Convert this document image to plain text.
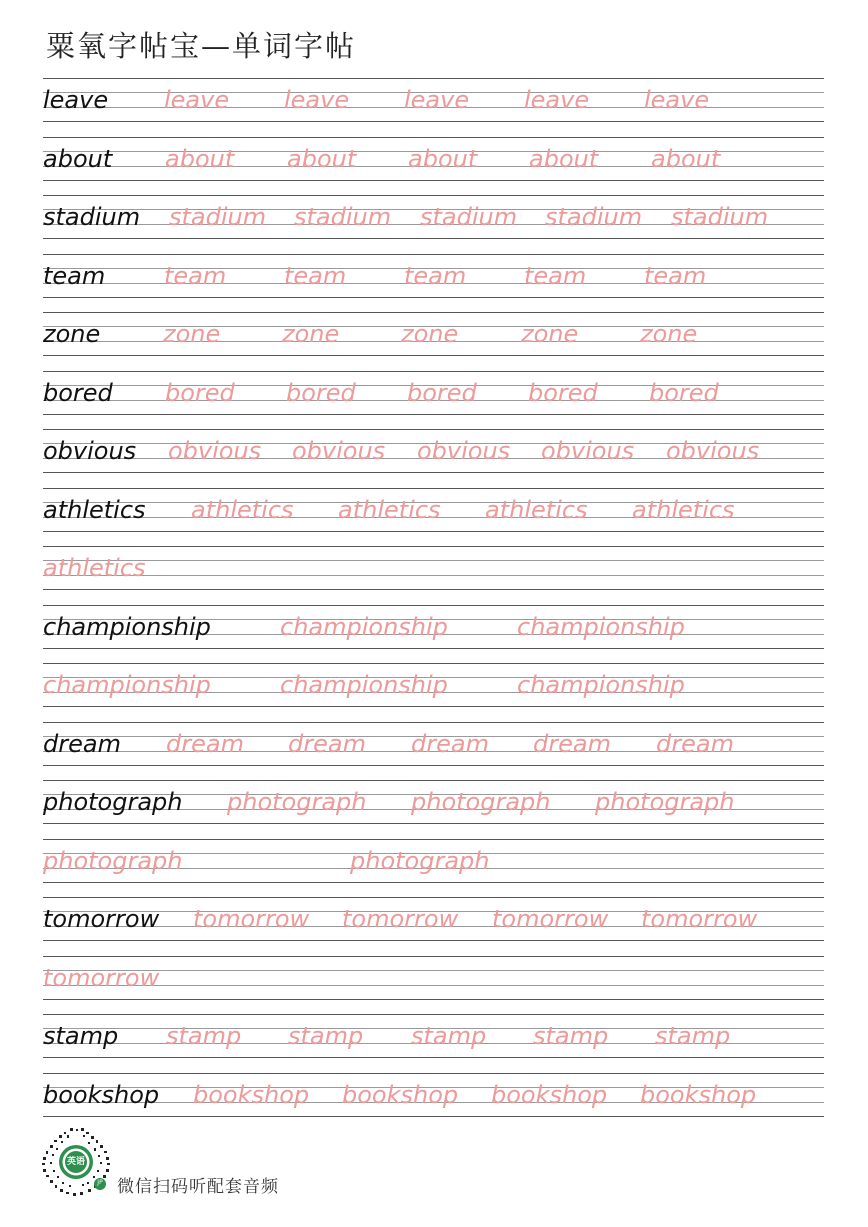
粟氧字帖宝—单词字帖
leave leave leave leave leave leave
about about about about about about
stadium stadium stadium stadium stadium stadium
team team team team team team
zone	zone	zone	zone	zone	zone
bored bored bored bored bored bored
obvious obvious obvious obvious obvious obvious
athletics athletics athletics athletics athletics
athletics
championship	championship	championship
championship	championship	championship
dream dream dream dream dream dream
photograph photograph photograph photograph
photograph	photograph
tomorrow tomorrow tomorrow tomorrow tomorrow
tomorrow
stamp stamp stamp stamp stamp stamp
bookshop bookshop bookshop bookshop bookshop
英语
JP 微信扫码听配套音频
